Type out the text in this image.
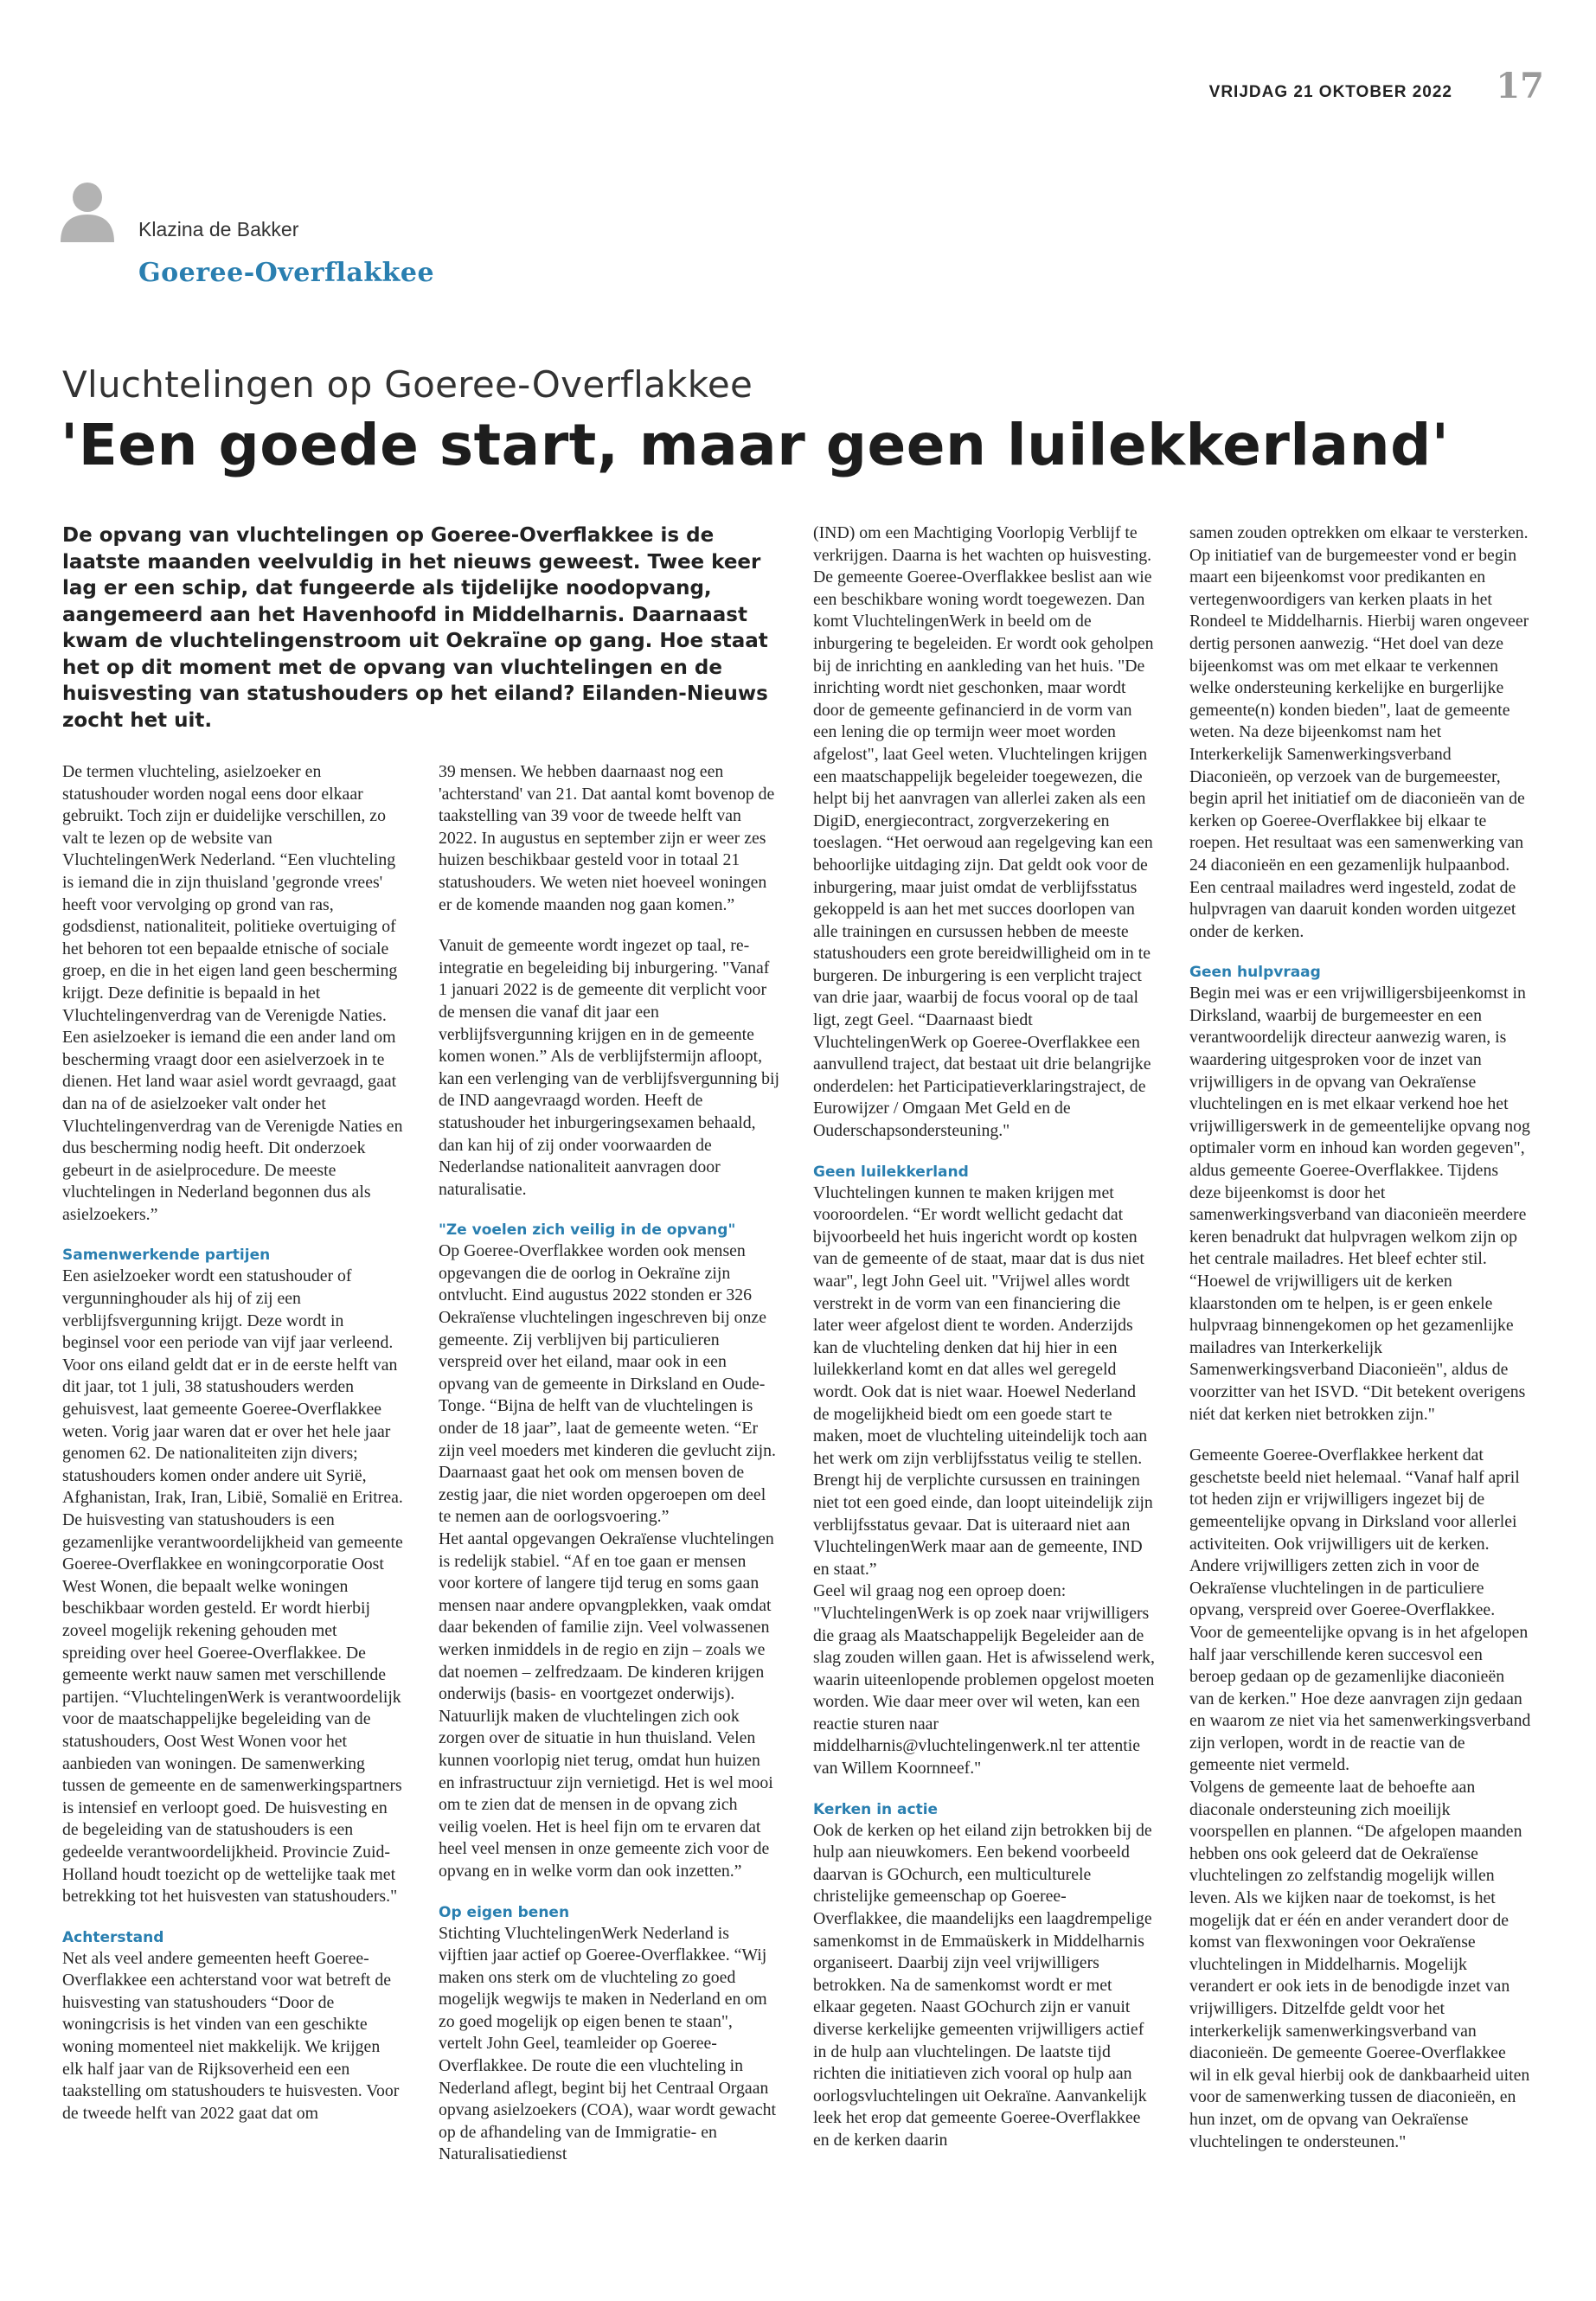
VRIJDAG 21 OKTOBER 2022 17
Klazina de Bakker
Goeree-Overflakkee
Vluchtelingen op Goeree-Overflakkee
'Een goede start, maar geen luilekkerland'

De opvang van vluchtelingen op Goeree-Overflakkee is de laatste maanden veelvuldig in het nieuws geweest. Twee keer lag er een schip, dat fungeerde als tijdelijke noodopvang, aangemeerd aan het Havenhoofd in Middelharnis. Daarnaast kwam de vluchtelingenstroom uit Oekraïne op gang. Hoe staat het op dit moment met de opvang van vluchtelingen en de huisvesting van statushouders op het eiland? Eilanden-Nieuws zocht het uit.

De termen vluchteling, asielzoeker en statushouder worden nogal eens door elkaar gebruikt. Toch zijn er duidelijke verschillen, zo valt te lezen op de website van VluchtelingenWerk Nederland. “Een vluchteling is iemand die in zijn thuisland 'gegronde vrees' heeft voor vervolging op grond van ras, godsdienst, nationaliteit, politieke overtuiging of het behoren tot een bepaalde etnische of sociale groep, en die in het eigen land geen bescherming krijgt. Deze definitie is bepaald in het Vluchtelingenverdrag van de Verenigde Naties. Een asielzoeker is iemand die een ander land om bescherming vraagt door een asielverzoek in te dienen. Het land waar asiel wordt gevraagd, gaat dan na of de asielzoeker valt onder het Vluchtelingenverdrag van de Verenigde Naties en dus bescherming nodig heeft. Dit onderzoek gebeurt in de asielprocedure. De meeste vluchtelingen in Nederland begonnen dus als asielzoekers.”

Samenwerkende partijen

Een asielzoeker wordt een statushouder of vergunninghouder als hij of zij een verblijfsvergunning krijgt. Deze wordt in beginsel voor een periode van vijf jaar verleend. Voor ons eiland geldt dat er in de eerste helft van dit jaar, tot 1 juli, 38 statushouders werden gehuisvest, laat gemeente Goeree-Overflakkee weten. Vorig jaar waren dat er over het hele jaar genomen 62. De nationaliteiten zijn divers; statushouders komen onder andere uit Syrië, Afghanistan, Irak, Iran, Libië, Somalië en Eritrea.

De huisvesting van statushouders is een gezamenlijke verantwoordelijkheid van gemeente Goeree-Overflakkee en woningcorporatie Oost West Wonen, die bepaalt welke woningen beschikbaar worden gesteld. Er wordt hierbij zoveel mogelijk rekening gehouden met spreiding over heel Goeree-Overflakkee. De gemeente werkt nauw samen met verschillende partijen. “VluchtelingenWerk is verantwoordelijk voor de maatschappelijke begeleiding van de statushouders, Oost West Wonen voor het aanbieden van woningen. De samenwerking tussen de gemeente en de samenwerkingspartners is intensief en verloopt goed. De huisvesting en de begeleiding van de statushouders is een gedeelde verantwoordelijkheid. Provincie Zuid-Holland houdt toezicht op de wettelijke taak met betrekking tot het huisvesten van statushouders."

Achterstand

Net als veel andere gemeenten heeft Goeree-Overflakkee een achterstand voor wat betreft de huisvesting van statushouders “Door de woningcrisis is het vinden van een geschikte woning momenteel niet makkelijk. We krijgen elk half jaar van de Rijksoverheid een een taakstelling om statushouders te huisvesten. Voor de tweede helft van 2022 gaat dat om

39 mensen. We hebben daarnaast nog een 'achterstand' van 21. Dat aantal komt bovenop de taakstelling van 39 voor de tweede helft van 2022. In augustus en september zijn er weer zes huizen beschikbaar gesteld voor in totaal 21 statushouders. We weten niet hoeveel woningen er de komende maanden nog gaan komen.”

Vanuit de gemeente wordt ingezet op taal, re-integratie en begeleiding bij inburgering. "Vanaf 1 januari 2022 is de gemeente dit verplicht voor de mensen die vanaf dit jaar een verblijfsvergunning krijgen en in de gemeente komen wonen.” Als de verblijfstermijn afloopt, kan een verlenging van de verblijfsvergunning bij de IND aangevraagd worden. Heeft de statushouder het inburgeringsexamen behaald, dan kan hij of zij onder voorwaarden de Nederlandse nationaliteit aanvragen door naturalisatie.

"Ze voelen zich veilig in de opvang"

Op Goeree-Overflakkee worden ook mensen opgevangen die de oorlog in Oekraïne zijn ontvlucht. Eind augustus 2022 stonden er 326 Oekraïense vluchtelingen ingeschreven bij onze gemeente. Zij verblijven bij particulieren verspreid over het eiland, maar ook in een opvang van de gemeente in Dirksland en Oude-Tonge. “Bijna de helft van de vluchtelingen is onder de 18 jaar”, laat de gemeente weten. “Er zijn veel moeders met kinderen die gevlucht zijn. Daarnaast gaat het ook om mensen boven de zestig jaar, die niet worden opgeroepen om deel te nemen aan de oorlogsvoering.”

Het aantal opgevangen Oekraïense vluchtelingen is redelijk stabiel. “Af en toe gaan er mensen voor kortere of langere tijd terug en soms gaan mensen naar andere opvangplekken, vaak omdat daar bekenden of familie zijn. Veel volwassenen werken inmiddels in de regio en zijn – zoals we dat noemen – zelfredzaam. De kinderen krijgen onderwijs (basis- en voortgezet onderwijs). Natuurlijk maken de vluchtelingen zich ook zorgen over de situatie in hun thuisland. Velen kunnen voorlopig niet terug, omdat hun huizen en infrastructuur zijn vernietigd. Het is wel mooi om te zien dat de mensen in de opvang zich veilig voelen. Het is heel fijn om te ervaren dat heel veel mensen in onze gemeente zich voor de opvang en in welke vorm dan ook inzetten.”

Op eigen benen

Stichting VluchtelingenWerk Nederland is vijftien jaar actief op Goeree-Overflakkee. “Wij maken ons sterk om de vluchteling zo goed mogelijk wegwijs te maken in Nederland en om zo goed mogelijk op eigen benen te staan", vertelt John Geel, teamleider op Goeree-Overflakkee. De route die een vluchteling in Nederland aflegt, begint bij het Centraal Orgaan opvang asielzoekers (COA), waar wordt gewacht op de afhandeling van de Immigratie- en Naturalisatiedienst

(IND) om een Machtiging Voorlopig Verblijf te verkrijgen. Daarna is het wachten op huisvesting. De gemeente Goeree-Overflakkee beslist aan wie een beschikbare woning wordt toegewezen. Dan komt VluchtelingenWerk in beeld om de inburgering te begeleiden. Er wordt ook geholpen bij de inrichting en aankleding van het huis. "De inrichting wordt niet geschonken, maar wordt door de gemeente gefinancierd in de vorm van een lening die op termijn weer moet worden afgelost", laat Geel weten. Vluchtelingen krijgen een maatschappelijk begeleider toegewezen, die helpt bij het aanvragen van allerlei zaken als een DigiD, energiecontract, zorgverzekering en toeslagen. “Het oerwoud aan regelgeving kan een behoorlijke uitdaging zijn. Dat geldt ook voor de inburgering, maar juist omdat de verblijfsstatus gekoppeld is aan het met succes doorlopen van alle trainingen en cursussen hebben de meeste statushouders een grote bereidwilligheid om in te burgeren. De inburgering is een verplicht traject van drie jaar, waarbij de focus vooral op de taal ligt, zegt Geel. “Daarnaast biedt VluchtelingenWerk op Goeree-Overflakkee een aanvullend traject, dat bestaat uit drie belangrijke onderdelen: het Participatieverklaringstraject, de Eurowijzer / Omgaan Met Geld en de Ouderschapsondersteuning."

Geen luilekkerland

Vluchtelingen kunnen te maken krijgen met vooroordelen. “Er wordt wellicht gedacht dat bijvoorbeeld het huis ingericht wordt op kosten van de gemeente of de staat, maar dat is dus niet waar", legt John Geel uit. "Vrijwel alles wordt verstrekt in de vorm van een financiering die later weer afgelost dient te worden. Anderzijds kan de vluchteling denken dat hij hier in een luilekkerland komt en dat alles wel geregeld wordt. Ook dat is niet waar. Hoewel Nederland de mogelijkheid biedt om een goede start te maken, moet de vluchteling uiteindelijk toch aan het werk om zijn verblijfsstatus veilig te stellen. Brengt hij de verplichte cursussen en trainingen niet tot een goed einde, dan loopt uiteindelijk zijn verblijfsstatus gevaar. Dat is uiteraard niet aan VluchtelingenWerk maar aan de gemeente, IND en staat.”

Geel wil graag nog een oproep doen: "VluchtelingenWerk is op zoek naar vrijwilligers die graag als Maatschappelijk Begeleider aan de slag zouden willen gaan. Het is afwisselend werk, waarin uiteenlopende problemen opgelost moeten worden. Wie daar meer over wil weten, kan een reactie sturen naar middelharnis@vluchtelingenwerk.nl ter attentie van Willem Koornneef."

Kerken in actie

Ook de kerken op het eiland zijn betrokken bij de hulp aan nieuwkomers. Een bekend voorbeeld daarvan is GOchurch, een multiculturele christelijke gemeenschap op Goeree-Overflakkee, die maandelijks een laagdrempelige samenkomst in de Emmaüskerk in Middelharnis organiseert. Daarbij zijn veel vrijwilligers betrokken. Na de samenkomst wordt er met elkaar gegeten. Naast GOchurch zijn er vanuit diverse kerkelijke gemeenten vrijwilligers actief in de hulp aan vluchtelingen. De laatste tijd richten die initiatieven zich vooral op hulp aan oorlogsvluchtelingen uit Oekraïne. Aanvankelijk leek het erop dat gemeente Goeree-Overflakkee en de kerken daarin

samen zouden optrekken om elkaar te versterken. Op initiatief van de burgemeester vond er begin maart een bijeenkomst voor predikanten en vertegenwoordigers van kerken plaats in het Rondeel te Middelharnis. Hierbij waren ongeveer dertig personen aanwezig. “Het doel van deze bijeenkomst was om met elkaar te verkennen welke ondersteuning kerkelijke en burgerlijke gemeente(n) konden bieden", laat de gemeente weten. Na deze bijeenkomst nam het Interkerkelijk Samenwerkingsverband Diaconieën, op verzoek van de burgemeester, begin april het initiatief om de diaconieën van de kerken op Goeree-Overflakkee bij elkaar te roepen. Het resultaat was een samenwerking van 24 diaconieën en een gezamenlijk hulpaanbod. Een centraal mailadres werd ingesteld, zodat de hulpvragen van daaruit konden worden uitgezet onder de kerken.

Geen hulpvraag

Begin mei was er een vrijwilligersbijeenkomst in Dirksland, waarbij de burgemeester en een verantwoordelijk directeur aanwezig waren, is waardering uitgesproken voor de inzet van vrijwilligers in de opvang van Oekraïense vluchtelingen en is met elkaar verkend hoe het vrijwilligerswerk in de gemeentelijke opvang nog optimaler vorm en inhoud kan worden gegeven", aldus gemeente Goeree-Overflakkee. Tijdens deze bijeenkomst is door het samenwerkingsverband van diaconieën meerdere keren benadrukt dat hulpvragen welkom zijn op het centrale mailadres. Het bleef echter stil. “Hoewel de vrijwilligers uit de kerken klaarstonden om te helpen, is er geen enkele hulpvraag binnengekomen op het gezamenlijke mailadres van Interkerkelijk Samenwerkingsverband Diaconieën", aldus de voorzitter van het ISVD. “Dit betekent overigens niét dat kerken niet betrokken zijn."

Gemeente Goeree-Overflakkee herkent dat geschetste beeld niet helemaal. “Vanaf half april tot heden zijn er vrijwilligers ingezet bij de gemeentelijke opvang in Dirksland voor allerlei activiteiten. Ook vrijwilligers uit de kerken. Andere vrijwilligers zetten zich in voor de Oekraïense vluchtelingen in de particuliere opvang, verspreid over Goeree-Overflakkee. Voor de gemeentelijke opvang is in het afgelopen half jaar verschillende keren succesvol een beroep gedaan op de gezamenlijke diaconieën van de kerken." Hoe deze aanvragen zijn gedaan en waarom ze niet via het samenwerkingsverband zijn verlopen, wordt in de reactie van de gemeente niet vermeld.

Volgens de gemeente laat de behoefte aan diaconale ondersteuning zich moeilijk voorspellen en plannen. “De afgelopen maanden hebben ons ook geleerd dat de Oekraïense vluchtelingen zo zelfstandig mogelijk willen leven. Als we kijken naar de toekomst, is het mogelijk dat er één en ander verandert door de komst van flexwoningen voor Oekraïense vluchtelingen in Middelharnis. Mogelijk verandert er ook iets in de benodigde inzet van vrijwilligers. Ditzelfde geldt voor het interkerkelijk samenwerkingsverband van diaconieën. De gemeente Goeree-Overflakkee wil in elk geval hierbij ook de dankbaarheid uiten voor de samenwerking tussen de diaconieën, en hun inzet, om de opvang van Oekraïense vluchtelingen te ondersteunen."
